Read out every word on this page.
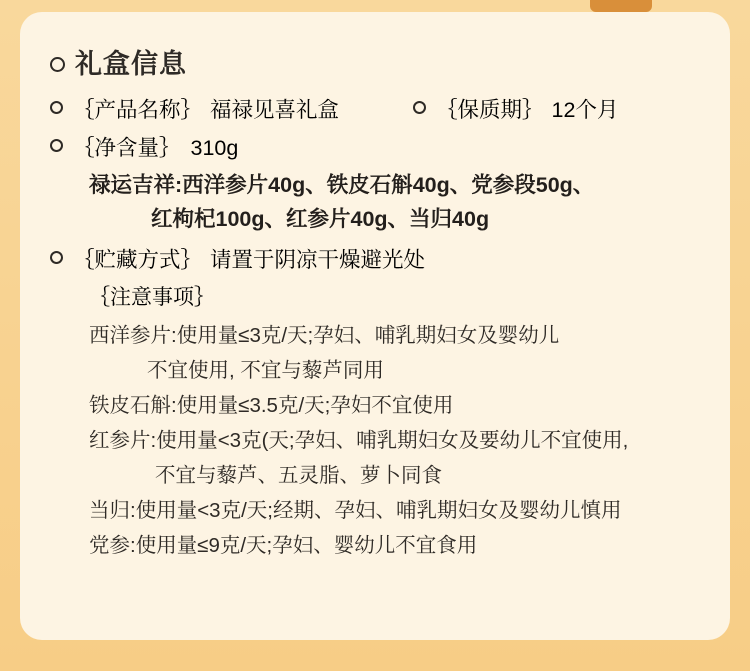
礼盒信息
｛产品名称｝ 福禄见喜礼盒	｛保质期｝ 12个月
｛净含量｝ 310g
禄运吉祥:西洋参片40g、铁皮石斛40g、党参段50g、
红枸杞100g、红参片40g、当归40g
｛贮藏方式｝ 请置于阴凉干燥避光处
｛注意事项｝
西洋参片:使用量≤3克/天;孕妇、哺乳期妇女及婴幼儿
不宜使用, 不宜与藜芦同用
铁皮石斛:使用量≤3.5克/天;孕妇不宜使用
红参片:使用量<3克(天;孕妇、哺乳期妇女及要幼儿不宜使用,
不宜与藜芦、五灵脂、萝卜同食
当归:使用量<3克/天;经期、孕妇、哺乳期妇女及婴幼儿慎用
党参:使用量≤9克/天;孕妇、婴幼儿不宜食用
